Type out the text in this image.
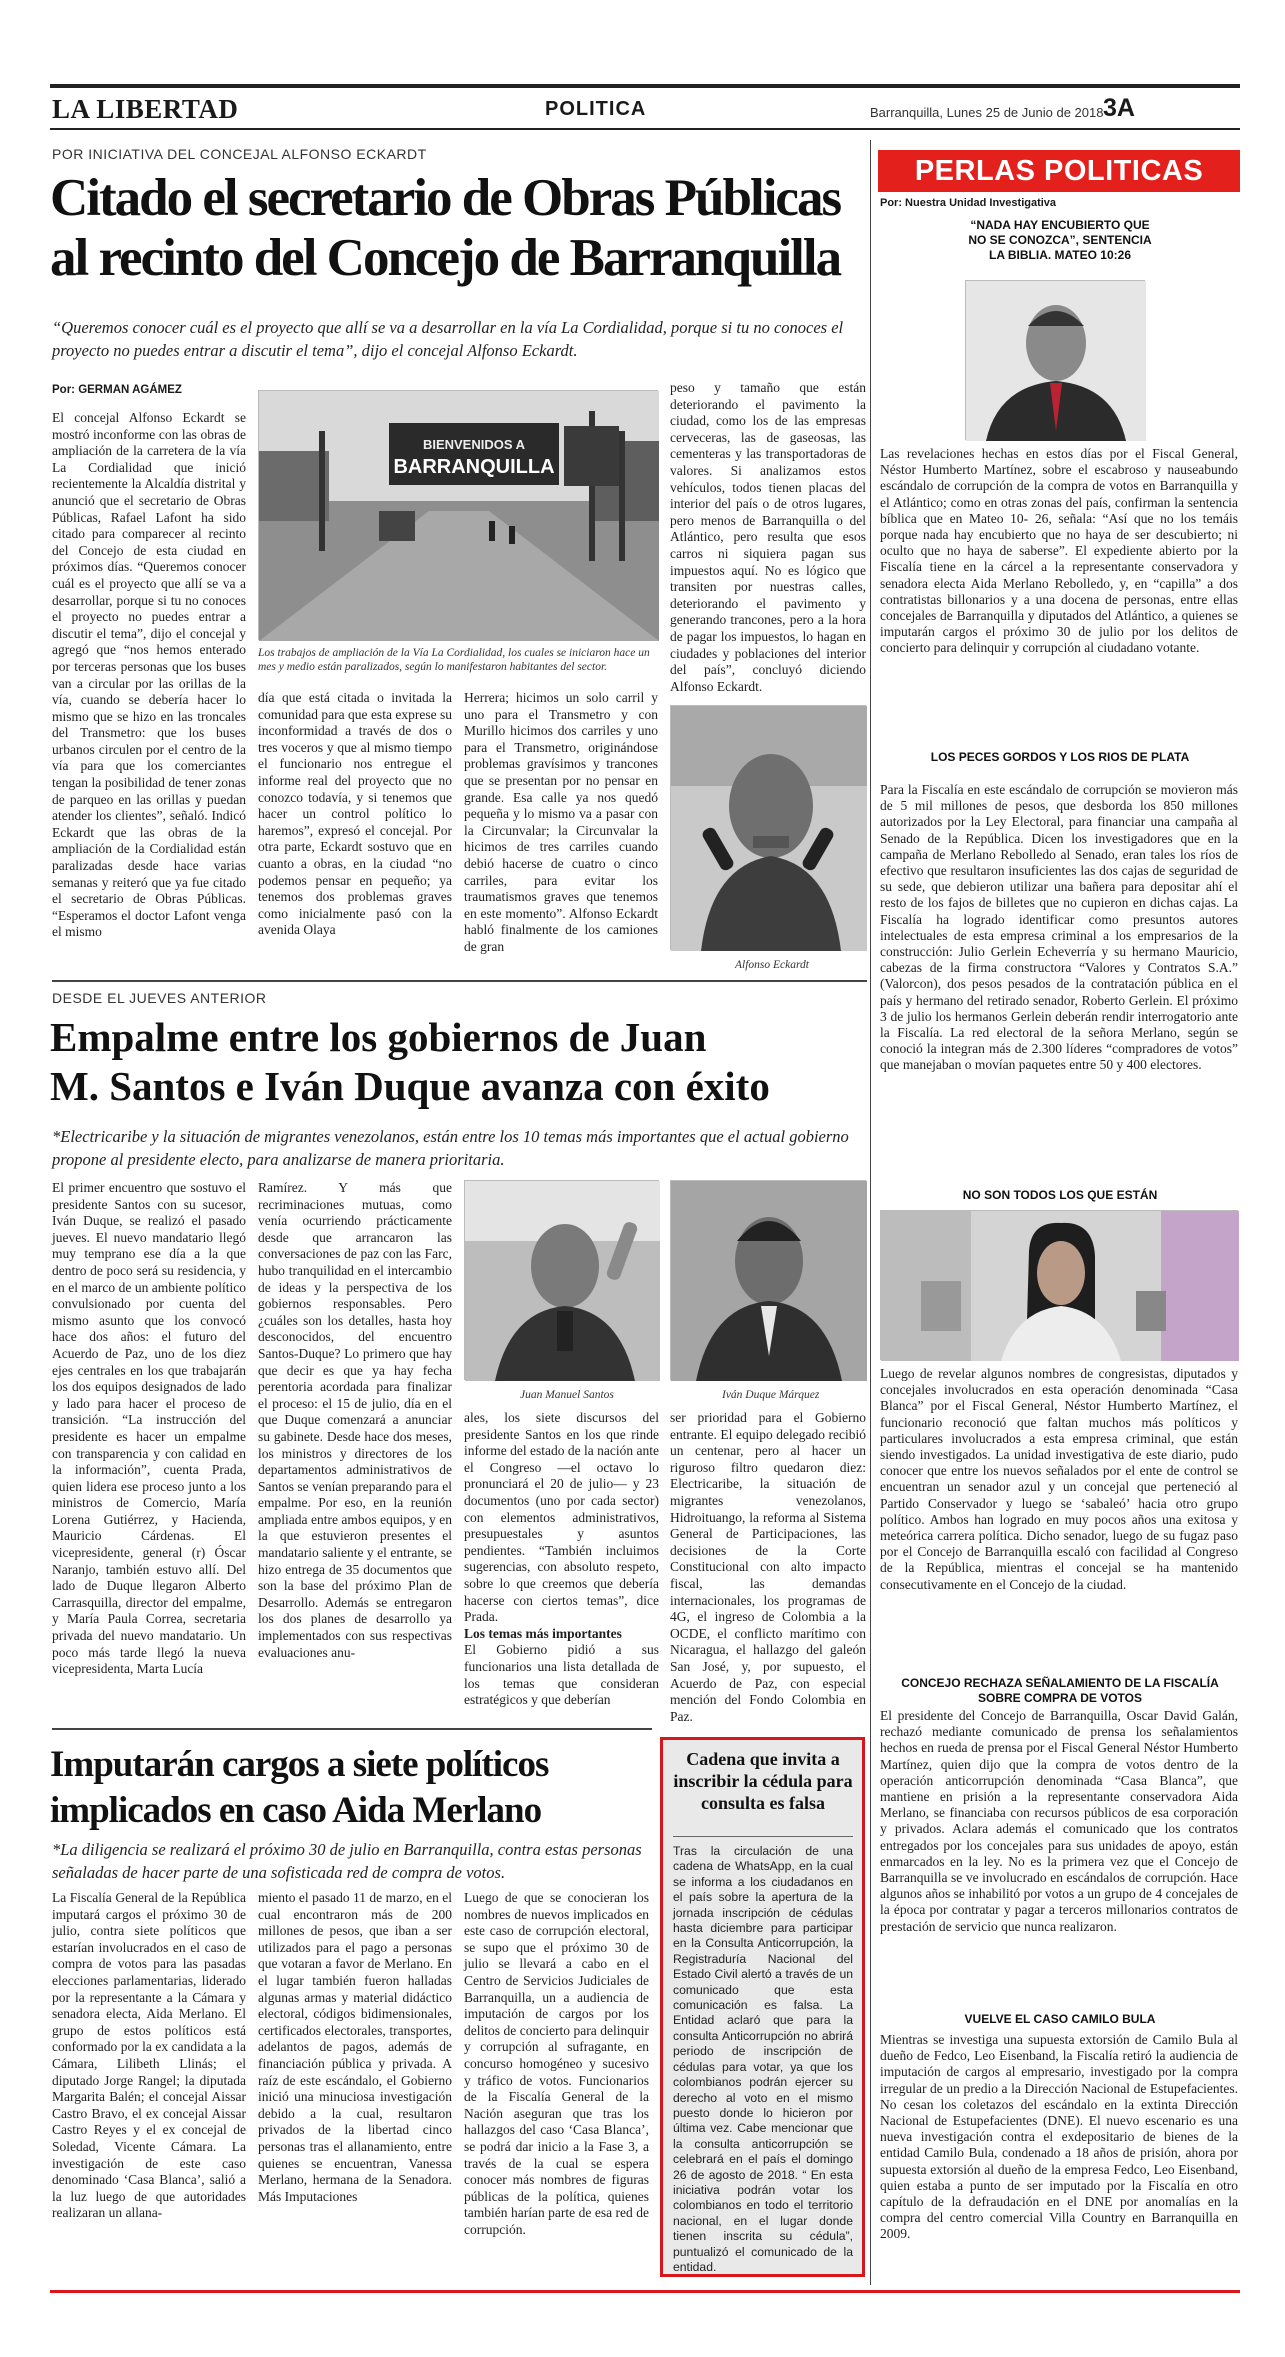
LA LIBERTAD	POLITICA	Barranquilla, Lunes 25 de Junio de 2018 3A
POR INICIATIVA DEL CONCEJAL ALFONSO ECKARDT
Citado el secretario de Obras Públicas
al recinto del Concejo de Barranquilla
“Queremos conocer cuál es el proyecto que allí se va a desarrollar en la vía La Cordialidad, porque si tu no conoces el proyecto no puedes entrar a discutir el tema”, dijo el concejal Alfonso Eckardt.
Por: GERMAN AGÁMEZ
El concejal Alfonso Eckardt se mostró inconforme con las obras de ampliación de la carretera de la vía La Cordialidad que inició recientemente la Alcaldía distrital y anunció que el secretario de Obras Públicas, Rafael Lafont ha sido citado para comparecer al recinto del Concejo de esta ciudad en próximos días. “Queremos conocer cuál es el proyecto que allí se va a desarrollar, porque si tu no conoces el proyecto no puedes entrar a discutir el tema”, dijo el concejal y agregó que “nos hemos enterado por terceras personas que los buses van a circular por las orillas de la vía, cuando se debería hacer lo mismo que se hizo en las troncales del Transmetro: que los buses urbanos circulen por el centro de la vía para que los comerciantes tengan la posibilidad de tener zonas de parqueo en las orillas y puedan atender los clientes”, señaló. Indicó Eckardt que las obras de la ampliación de la Cordialidad están paralizadas desde hace varias semanas y reiteró que ya fue citado el secretario de Obras Públicas. “Esperamos el doctor Lafont venga el mismo
BIENVENIDOS A
BARRANQUILLA
Los trabajos de ampliación de la Vía La Cordialidad, los cuales se iniciaron hace un mes y medio están paralizados, según lo manifestaron habitantes del sector.
día que está citada o invitada la comunidad para que esta exprese su inconformidad a través de dos o tres voceros y que al mismo tiempo el funcionario nos entregue el informe real del proyecto que no conozco todavía, y si tenemos que hacer un control político lo haremos”, expresó el concejal. Por otra parte, Eckardt sostuvo que en cuanto a obras, en la ciudad “no podemos pensar en pequeño; ya tenemos dos problemas graves como inicialmente pasó con la avenida Olaya
Herrera; hicimos un solo carril y uno para el Transmetro y con Murillo hicimos dos carriles y uno para el Transmetro, originándose problemas gravísimos y trancones que se presentan por no pensar en grande. Esa calle ya nos quedó pequeña y lo mismo va a pasar con la Circunvalar; la Circunvalar la hicimos de tres carriles cuando debió hacerse de cuatro o cinco carriles, para evitar los traumatismos graves que tenemos en este momento”. Alfonso Eckardt habló finalmente de los camiones de gran
peso y tamaño que están deteriorando el pavimento la ciudad, como los de las empresas cerveceras, las de gaseosas, las cementeras y las transportadoras de valores. Si analizamos estos vehículos, todos tienen placas del interior del país o de otros lugares, pero menos de Barranquilla o del Atlántico, pero resulta que esos carros ni siquiera pagan sus impuestos aquí. No es lógico que transiten por nuestras calles, deteriorando el pavimento y generando trancones, pero a la hora de pagar los impuestos, lo hagan en ciudades y poblaciones del interior del país”, concluyó diciendo Alfonso Eckardt.
Alfonso Eckardt
DESDE EL JUEVES ANTERIOR
Empalme entre los gobiernos de Juan
M. Santos e Iván Duque avanza con éxito
*Electricaribe y la situación de migrantes venezolanos, están entre los 10 temas más importantes que el actual gobierno propone al presidente electo, para analizarse de manera prioritaria.
El primer encuentro que sostuvo el presidente Santos con su sucesor, Iván Duque, se realizó el pasado jueves. El nuevo mandatario llegó muy temprano ese día a la que dentro de poco será su residencia, y en el marco de un ambiente político convulsionado por cuenta del mismo asunto que los convocó hace dos años: el futuro del Acuerdo de Paz, uno de los diez ejes centrales en los que trabajarán los dos equipos designados de lado y lado para hacer el proceso de transición. “La instrucción del presidente es hacer un empalme con transparencia y con calidad en la información”, cuenta Prada, quien lidera ese proceso junto a los ministros de Comercio, María Lorena Gutiérrez, y Hacienda, Mauricio Cárdenas. El vicepresidente, general (r) Óscar Naranjo, también estuvo allí. Del lado de Duque llegaron Alberto Carrasquilla, director del empalme, y María Paula Correa, secretaria privada del nuevo mandatario. Un poco más tarde llegó la nueva vicepresidenta, Marta Lucía
Ramírez. Y más que recriminaciones mutuas, como venía ocurriendo prácticamente desde que arrancaron las conversaciones de paz con las Farc, hubo tranquilidad en el intercambio de ideas y la perspectiva de los gobiernos responsables. Pero ¿cuáles son los detalles, hasta hoy desconocidos, del encuentro Santos-Duque? Lo primero que hay que decir es que ya hay fecha perentoria acordada para finalizar el proceso: el 15 de julio, día en el que Duque comenzará a anunciar su gabinete. Desde hace dos meses, los ministros y directores de los departamentos administrativos de Santos se venían preparando para el empalme. Por eso, en la reunión ampliada entre ambos equipos, y en la que estuvieron presentes el mandatario saliente y el entrante, se hizo entrega de 35 documentos que son la base del próximo Plan de Desarrollo. Además se entregaron los dos planes de desarrollo ya implementados con sus respectivas evaluaciones anu-
Juan Manuel Santos	Iván Duque Márquez

ales, los siete discursos del presidente Santos en los que rinde informe del estado de la nación ante el Congreso —el octavo lo pronunciará el 20 de julio— y 23 documentos (uno por cada sector) con elementos administrativos, presupuestales y asuntos pendientes. “También incluimos sugerencias, con absoluto respeto, sobre lo que creemos que debería hacerse con ciertos temas”, dice Prada.

Los temas más importantes

El Gobierno pidió a sus funcionarios una lista detallada de los temas que consideran estratégicos y que deberían

ser prioridad para el Gobierno entrante. El equipo delegado recibió un centenar, pero al hacer un riguroso filtro quedaron diez: Electricaribe, la situación de migrantes venezolanos, Hidroituango, la reforma al Sistema General de Participaciones, las decisiones de la Corte Constitucional con alto impacto fiscal, las demandas internacionales, los programas de 4G, el ingreso de Colombia a la OCDE, el conflicto marítimo con Nicaragua, el hallazgo del galeón San José, y, por supuesto, el Acuerdo de Paz, con especial mención del Fondo Colombia en Paz.
Imputarán cargos a siete políticos
implicados en caso Aida Merlano
*La diligencia se realizará el próximo 30 de julio en Barranquilla, contra estas personas señaladas de hacer parte de una sofisticada red de compra de votos.
La Fiscalía General de la República imputará cargos el próximo 30 de julio, contra siete políticos que estarían involucrados en el caso de compra de votos para las pasadas elecciones parlamentarias, liderado por la representante a la Cámara y senadora electa, Aida Merlano. El grupo de estos políticos está conformado por la ex candidata a la Cámara, Lilibeth Llinás; el diputado Jorge Rangel; la diputada Margarita Balén; el concejal Aissar Castro Bravo, el ex concejal Aissar Castro Reyes y el ex concejal de Soledad, Vicente Cámara. La investigación de este caso denominado ‘Casa Blanca’, salió a la luz luego de que autoridades realizaran un allana-
miento el pasado 11 de marzo, en el cual encontraron más de 200 millones de pesos, que iban a ser utilizados para el pago a personas que votaran a favor de Merlano. En el lugar también fueron halladas algunas armas y material didáctico electoral, códigos bidimensionales, certificados electorales, transportes, adelantos de pagos, además de financiación pública y privada. A raíz de este escándalo, el Gobierno inició una minuciosa investigación debido a la cual, resultaron privados de la libertad cinco personas tras el allanamiento, entre quienes se encuentran, Vanessa Merlano, hermana de la Senadora. Más Imputaciones
Luego de que se conocieran los nombres de nuevos implicados en este caso de corrupción electoral, se supo que el próximo 30 de julio se llevará a cabo en el Centro de Servicios Judiciales de Barranquilla, un a audiencia de imputación de cargos por los delitos de concierto para delinquir y corrupción al sufragante, en concurso homogéneo y sucesivo y tráfico de votos. Funcionarios de la Fiscalía General de la Nación aseguran que tras los hallazgos del caso ‘Casa Blanca’, se podrá dar inicio a la Fase 3, a través de la cual se espera conocer más nombres de figuras públicas de la política, quienes también harían parte de esa red de corrupción.
Cadena que invita a inscribir la cédula para consulta es falsa
Tras la circulación de una cadena de WhatsApp, en la cual se informa a los ciudadanos en el país sobre la apertura de la jornada inscripción de cédulas hasta diciembre para participar en la Consulta Anticorrupción, la Registraduría Nacional del Estado Civil alertó a través de un comunicado que esta comunicación es falsa. La Entidad aclaró que para la consulta Anticorrupción no abrirá periodo de inscripción de cédulas para votar, ya que los colombianos podrán ejercer su derecho al voto en el mismo puesto donde lo hicieron por última vez. Cabe mencionar que la consulta anticorrupción se celebrará en el país el domingo 26 de agosto de 2018. “ En esta iniciativa podrán votar los colombianos en todo el territorio nacional, en el lugar donde tienen inscrita su cédula”, puntualizó el comunicado de la entidad.
PERLAS POLITICAS
Por: Nuestra Unidad Investigativa
“NADA HAY ENCUBIERTO QUE NO SE CONOZCA”, SENTENCIA LA BIBLIA. MATEO 10:26
Las revelaciones hechas en estos días por el Fiscal General, Néstor Humberto Martínez, sobre el escabroso y nauseabundo escándalo de corrupción de la compra de votos en Barranquilla y el Atlántico; como en otras zonas del país, confirman la sentencia bíblica que en Mateo 10- 26, señala: “Así que no los temáis porque nada hay encubierto que no haya de ser descubierto; ni oculto que no haya de saberse”. El expediente abierto por la Fiscalía tiene en la cárcel a la representante conservadora y senadora electa Aida Merlano Rebolledo, y, en “capilla” a dos contratistas billonarios y a una docena de personas, entre ellas concejales de Barranquilla y diputados del Atlántico, a quienes se imputarán cargos el próximo 30 de julio por los delitos de concierto para delinquir y corrupción al ciudadano votante.
LOS PECES GORDOS Y LOS RIOS DE PLATA
Para la Fiscalía en este escándalo de corrupción se movieron más de 5 mil millones de pesos, que desborda los 850 millones autorizados por la Ley Electoral, para financiar una campaña al Senado de la República. Dicen los investigadores que en la campaña de Merlano Rebolledo al Senado, eran tales los ríos de efectivo que resultaron insuficientes las dos cajas de seguridad de su sede, que debieron utilizar una bañera para depositar ahí el resto de los fajos de billetes que no cupieron en dichas cajas. La Fiscalía ha logrado identificar como presuntos autores intelectuales de esta empresa criminal a los empresarios de la construcción: Julio Gerlein Echeverría y su hermano Mauricio, cabezas de la firma constructora “Valores y Contratos S.A.” (Valorcon), dos pesos pesados de la contratación pública en el país y hermano del retirado senador, Roberto Gerlein. El próximo 3 de julio los hermanos Gerlein deberán rendir interrogatorio ante la Fiscalía. La red electoral de la señora Merlano, según se conoció la integran más de 2.300 líderes “compradores de votos” que manejaban o movían paquetes entre 50 y 400 electores.
NO SON TODOS LOS QUE ESTÁN
Luego de revelar algunos nombres de congresistas, diputados y concejales involucrados en esta operación denominada “Casa Blanca” por el Fiscal General, Néstor Humberto Martínez, el funcionario reconoció que faltan muchos más políticos y particulares involucrados a esta empresa criminal, que están siendo investigados. La unidad investigativa de este diario, pudo conocer que entre los nuevos señalados por el ente de control se encuentran un senador azul y un concejal que perteneció al Partido Conservador y luego se ‘sabaleó’ hacia otro grupo político. Ambos han logrado en muy pocos años una exitosa y meteórica carrera política. Dicho senador, luego de su fugaz paso por el Concejo de Barranquilla escaló con facilidad al Congreso de la República, mientras el concejal se ha mantenido consecutivamente en el Concejo de la ciudad.
CONCEJO RECHAZA SEÑALAMIENTO DE LA FISCALÍA SOBRE COMPRA DE VOTOS
El presidente del Concejo de Barranquilla, Oscar David Galán, rechazó mediante comunicado de prensa los señalamientos hechos en rueda de prensa por el Fiscal General Néstor Humberto Martínez, quien dijo que la compra de votos dentro de la operación anticorrupción denominada “Casa Blanca”, que mantiene en prisión a la representante conservadora Aida Merlano, se financiaba con recursos públicos de esa corporación y privados. Aclara además el comunicado que los contratos entregados por los concejales para sus unidades de apoyo, están enmarcados en la ley. No es la primera vez que el Concejo de Barranquilla se ve involucrado en escándalos de corrupción. Hace algunos años se inhabilitó por votos a un grupo de 4 concejales de la época por contratar y pagar a terceros millonarios contratos de prestación de servicio que nunca realizaron.
VUELVE EL CASO CAMILO BULA
Mientras se investiga una supuesta extorsión de Camilo Bula al dueño de Fedco, Leo Eisenband, la Fiscalía retiró la audiencia de imputación de cargos al empresario, investigado por la compra irregular de un predio a la Dirección Nacional de Estupefacientes. No cesan los coletazos del escándalo en la extinta Dirección Nacional de Estupefacientes (DNE). El nuevo escenario es una nueva investigación contra el exdepositario de bienes de la entidad Camilo Bula, condenado a 18 años de prisión, ahora por supuesta extorsión al dueño de la empresa Fedco, Leo Eisenband, quien estaba a punto de ser imputado por la Fiscalía en otro capítulo de la defraudación en el DNE por anomalías en la compra del centro comercial Villa Country en Barranquilla en 2009.
